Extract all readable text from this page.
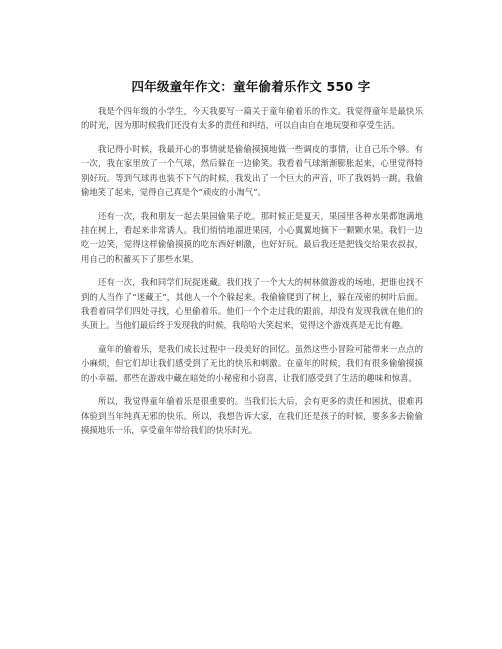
四年级童年作文：童年偷着乐作文 550 字

我是个四年级的小学生，今天我要写一篇关于童年偷着乐的作文。我觉得童年是最快乐的时光，因为那时候我们还没有太多的责任和纠结，可以自由自在地玩耍和享受生活。

我记得小时候，我最开心的事情就是偷偷摸摸地做一些调皮的事情，让自己乐个够。有一次，我在家里放了一个气球，然后躲在一边偷笑。我看着气球渐渐膨胀起来，心里觉得特别好玩。等到气球再也装不下气的时候，我发出了一个巨大的声音，吓了我妈妈一跳。我偷偷地笑了起来，觉得自己真是个“顽皮的小淘气”。

还有一次，我和朋友一起去果园偷果子吃。那时候正是夏天，果园里各种水果都饱满地挂在树上，看起来非常诱人。我们悄悄地溜进果园，小心翼翼地摘下一颗颗水果。我们一边吃一边笑，觉得这样偷偷摸摸的吃东西好刺激，也好好玩。最后我还是把钱交给果农叔叔，用自己的积蓄买下了那些水果。

还有一次，我和同学们玩捉迷藏。我们找了一个大大的树林做游戏的场地，把谁也找不到的人当作了“迷藏王”，其他人一个个躲起来。我偷偷爬到了树上，躲在茂密的树叶后面。我看着同学们四处寻找，心里偷着乐。他们一个个走过我的跟前，却没有发现我就在他们的头顶上。当他们最后终于发现我的时候，我哈哈大笑起来，觉得这个游戏真是无比有趣。

童年的偷着乐，是我们成长过程中一段美好的回忆。虽然这些小冒险可能带来一点点的小麻烦，但它们却让我们感受到了无比的快乐和刺激。在童年的时候，我们有很多偷偷摸摸的小幸福。那些在游戏中藏在暗处的小秘密和小窃喜，让我们感受到了生活的趣味和惊喜。

所以，我觉得童年偷着乐是很重要的。当我们长大后，会有更多的责任和困扰，很难再体验到当年纯真无邪的快乐。所以，我想告诉大家，在我们还是孩子的时候，要多多去偷偷摸摸地乐一乐，享受童年带给我们的快乐时光。
